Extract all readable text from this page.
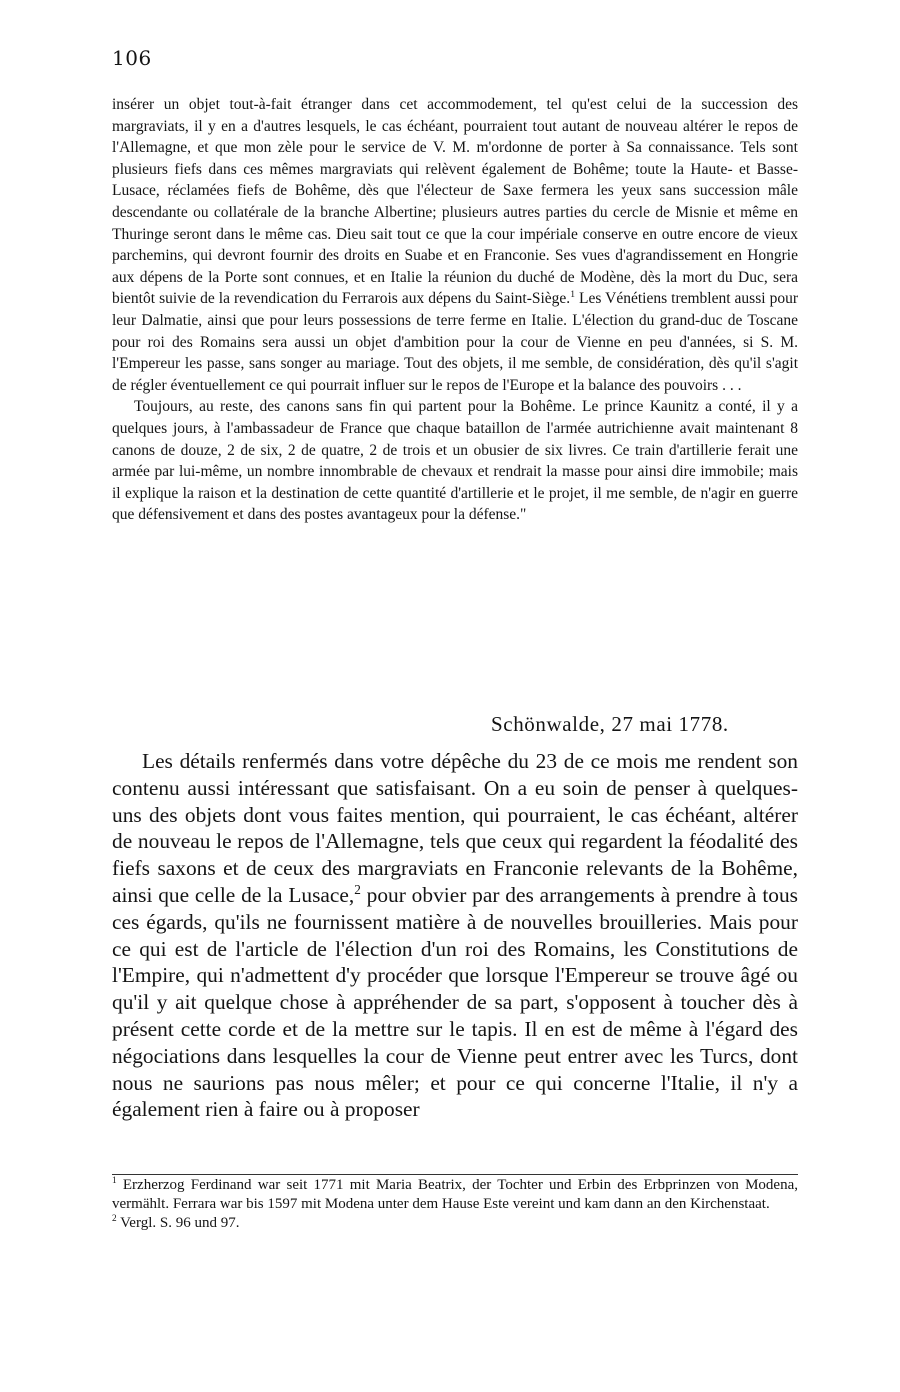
106

insérer un objet tout-à-fait étranger dans cet accommodement, tel qu'est celui de la succession des margraviats, il y en a d'autres lesquels, le cas échéant, pourraient tout autant de nouveau altérer le repos de l'Allemagne, et que mon zèle pour le service de V. M. m'ordonne de porter à Sa connaissance. Tels sont plusieurs fiefs dans ces mêmes margraviats qui relèvent également de Bohême; toute la Haute- et Basse-Lusace, réclamées fiefs de Bohême, dès que l'électeur de Saxe fermera les yeux sans succession mâle descendante ou collatérale de la branche Albertine; plusieurs autres parties du cercle de Misnie et même en Thuringe seront dans le même cas. Dieu sait tout ce que la cour impériale conserve en outre encore de vieux parchemins, qui devront fournir des droits en Suabe et en Franconie. Ses vues d'agrandissement en Hongrie aux dépens de la Porte sont connues, et en Italie la réunion du duché de Modène, dès la mort du Duc, sera bientôt suivie de la revendication du Ferrarois aux dépens du Saint-Siège.$^1$ Les Vénétiens tremblent aussi pour leur Dalmatie, ainsi que pour leurs possessions de terre ferme en Italie. L'élection du grand-duc de Toscane pour roi des Romains sera aussi un objet d'ambition pour la cour de Vienne en peu d'années, si S. M. l'Empereur les passe, sans songer au mariage. Tout des objets, il me semble, de considération, dès qu'il s'agit de régler éventuellement ce qui pourrait influer sur le repos de l'Europe et la balance des pouvoirs . . .

Toujours, au reste, des canons sans fin qui partent pour la Bohême. Le prince Kaunitz a conté, il y a quelques jours, à l'ambassadeur de France que chaque bataillon de l'armée autrichienne avait maintenant 8 canons de douze, 2 de six, 2 de quatre, 2 de trois et un obusier de six livres. Ce train d'artillerie ferait une armée par lui-même, un nombre innombrable de chevaux et rendrait la masse pour ainsi dire immobile; mais il explique la raison et la destination de cette quantité d'artillerie et le projet, il me semble, de n'agir en guerre que défensivement et dans des postes avantageux pour la défense."

Schönwalde, 27 mai 1778.

Les détails renfermés dans votre dépêche du 23 de ce mois me rendent son contenu aussi intéressant que satisfaisant. On a eu soin de penser à quelques-uns des objets dont vous faites mention, qui pourraient, le cas échéant, altérer de nouveau le repos de l'Allemagne, tels que ceux qui regardent la féodalité des fiefs saxons et de ceux des margraviats en Franconie relevants de la Bohême, ainsi que celle de la Lusace,$^2$ pour obvier par des arrangements à prendre à tous ces égards, qu'ils ne fournissent matière à de nouvelles brouilleries. Mais pour ce qui est de l'article de l'élection d'un roi des Romains, les Constitutions de l'Empire, qui n'admettent d'y procéder que lorsque l'Empereur se trouve âgé ou qu'il y ait quelque chose à appréhender de sa part, s'opposent à toucher dès à présent cette corde et de la mettre sur le tapis. Il en est de même à l'égard des négociations dans lesquelles la cour de Vienne peut entrer avec les Turcs, dont nous ne saurions pas nous mêler; et pour ce qui concerne l'Italie, il n'y a également rien à faire ou à proposer

$^1$ Erzherzog Ferdinand war seit 1771 mit Maria Beatrix, der Tochter und Erbin des Erbprinzen von Modena, vermählt. Ferrara war bis 1597 mit Modena unter dem Hause Este vereint und kam dann an den Kirchenstaat.

$^2$ Vergl. S. 96 und 97.
